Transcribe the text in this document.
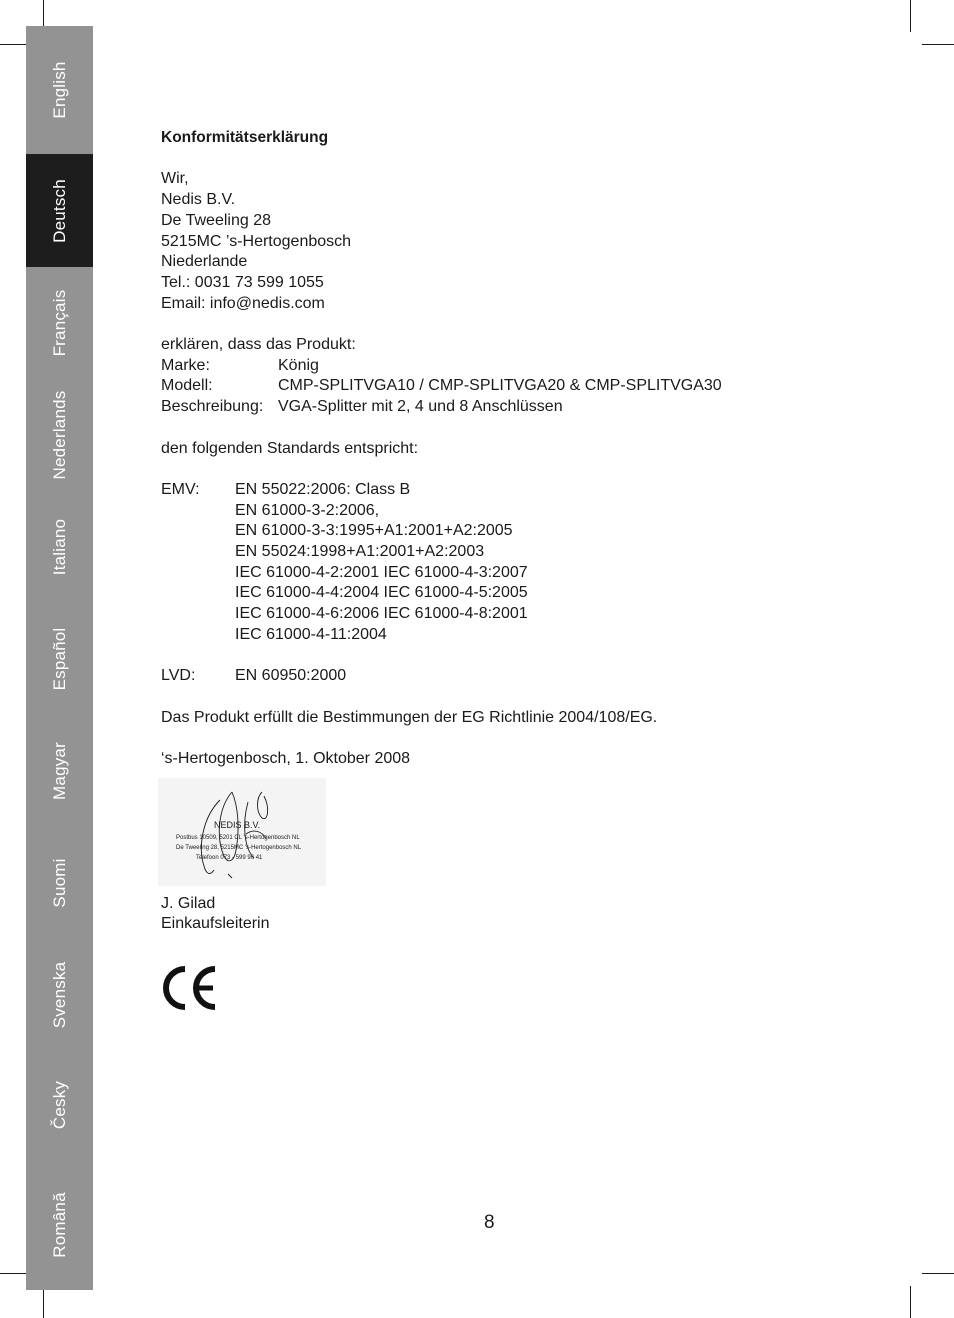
English
Deutsch
Français
Nederlands
Italiano
Español
Magyar
Suomi
Svenska
Česky
Română

Konformitätserklärung

Wir,

Nedis B.V.

De Tweeling 28

5215MC ’s-Hertogenbosch

Niederlande

Tel.: 0031 73 599 1055

Email: info@nedis.com

erklären, dass das Produkt:

Marke:	König
Modell:	CMP-SPLITVGA10 / CMP-SPLITVGA20 & CMP-SPLITVGA30
Beschreibung: VGA-Splitter mit 2, 4 und 8 Anschlüssen

den folgenden Standards entspricht:

EMV:	EN 55022:2006: Class B
EN 61000-3-2:2006,
EN 61000-3-3:1995+A1:2001+A2:2005
EN 55024:1998+A1:2001+A2:2003
IEC 61000-4-2:2001 IEC 61000-4-3:2007
IEC 61000-4-4:2004 IEC 61000-4-5:2005
IEC 61000-4-6:2006 IEC 61000-4-8:2001
IEC 61000-4-11:2004
LVD:	EN 60950:2000

Das Produkt erfüllt die Bestimmungen der EG Richtlinie 2004/108/EG.

‘s-Hertogenbosch, 1. Oktober 2008

NEDIS B.V.
Postbus 10509, 5201 CL 's-Hertogenbosch NL
De Tweeling 28, 5215MC 's-Hertogenbosch NL
Telefoon 073 - 599 96 41

J. Gilad

Einkaufsleiterin

8
